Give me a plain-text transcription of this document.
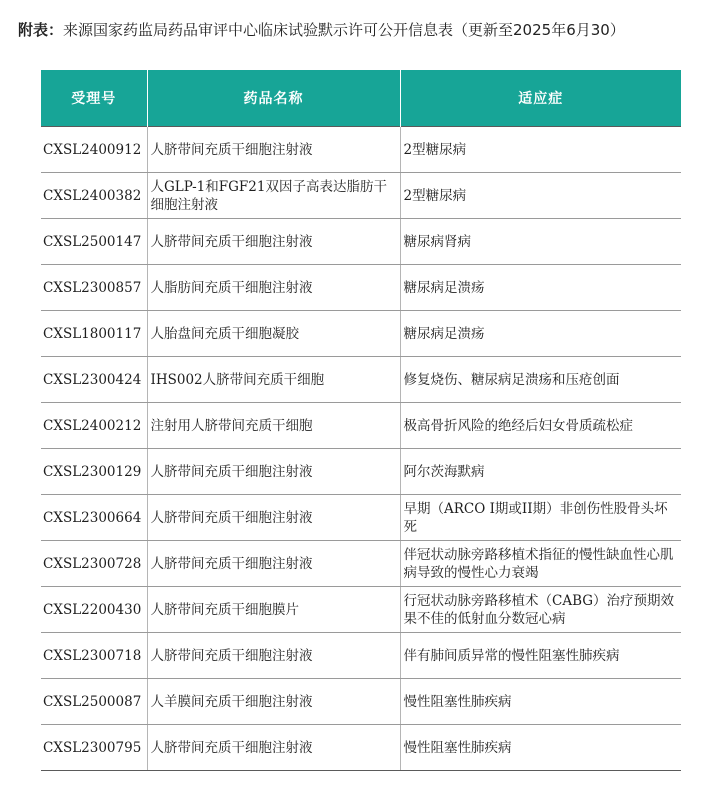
附表：来源国家药监局药品审评中心临床试验默示许可公开信息表（更新至2025年6月30）
受理号	药品名称	适应症
CXSL2400912	人脐带间充质干细胞注射液	2型糖尿病
CXSL2400382	人GLP-1和FGF21双因子高表达脂肪干细胞注射液	2型糖尿病
CXSL2500147	人脐带间充质干细胞注射液	糖尿病肾病
CXSL2300857	人脂肪间充质干细胞注射液	糖尿病足溃疡
CXSL1800117	人胎盘间充质干细胞凝胶	糖尿病足溃疡
CXSL2300424	IHS002人脐带间充质干细胞	修复烧伤、糖尿病足溃疡和压疮创面
CXSL2400212	注射用人脐带间充质干细胞	极高骨折风险的绝经后妇女骨质疏松症
CXSL2300129	人脐带间充质干细胞注射液	阿尔茨海默病
CXSL2300664	人脐带间充质干细胞注射液	早期（ARCO I期或II期）非创伤性股骨头坏死
CXSL2300728	人脐带间充质干细胞注射液	伴冠状动脉旁路移植术指征的慢性缺血性心肌病导致的慢性心力衰竭
CXSL2200430	人脐带间充质干细胞膜片	行冠状动脉旁路移植术（CABG）治疗预期效果不佳的低射血分数冠心病
CXSL2300718	人脐带间充质干细胞注射液	伴有肺间质异常的慢性阻塞性肺疾病
CXSL2500087	人羊膜间充质干细胞注射液	慢性阻塞性肺疾病
CXSL2300795	人脐带间充质干细胞注射液	慢性阻塞性肺疾病
